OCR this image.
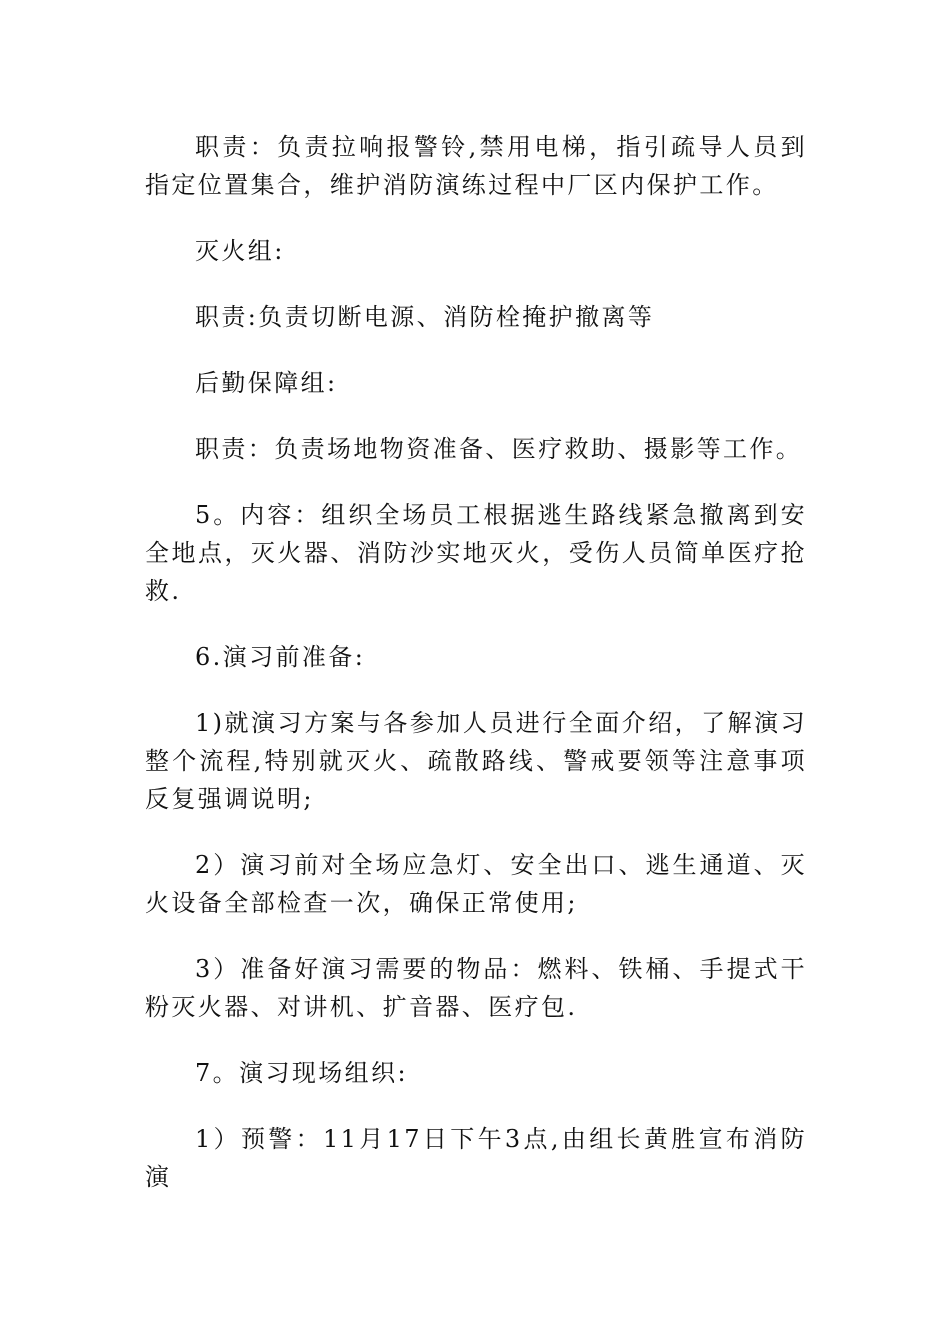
职责：负责拉响报警铃,禁用电梯，指引疏导人员到指定位置集合，维护消防演练过程中厂区内保护工作。

灭火组:

职责:负责切断电源、消防栓掩护撤离等

后勤保障组:

职责：负责场地物资准备、医疗救助、摄影等工作。

5。内容：组织全场员工根据逃生路线紧急撤离到安全地点，灭火器、消防沙实地灭火，受伤人员简单医疗抢救.

6.演习前准备:

1)就演习方案与各参加人员进行全面介绍，了解演习整个流程,特别就灭火、疏散路线、警戒要领等注意事项反复强调说明;

2）演习前对全场应急灯、安全出口、逃生通道、灭火设备全部检查一次，确保正常使用;

3）准备好演习需要的物品：燃料、铁桶、手提式干粉灭火器、对讲机、扩音器、医疗包.

7。演习现场组织:

1）预警：11月17日下午3点,由组长黄胜宣布消防演
